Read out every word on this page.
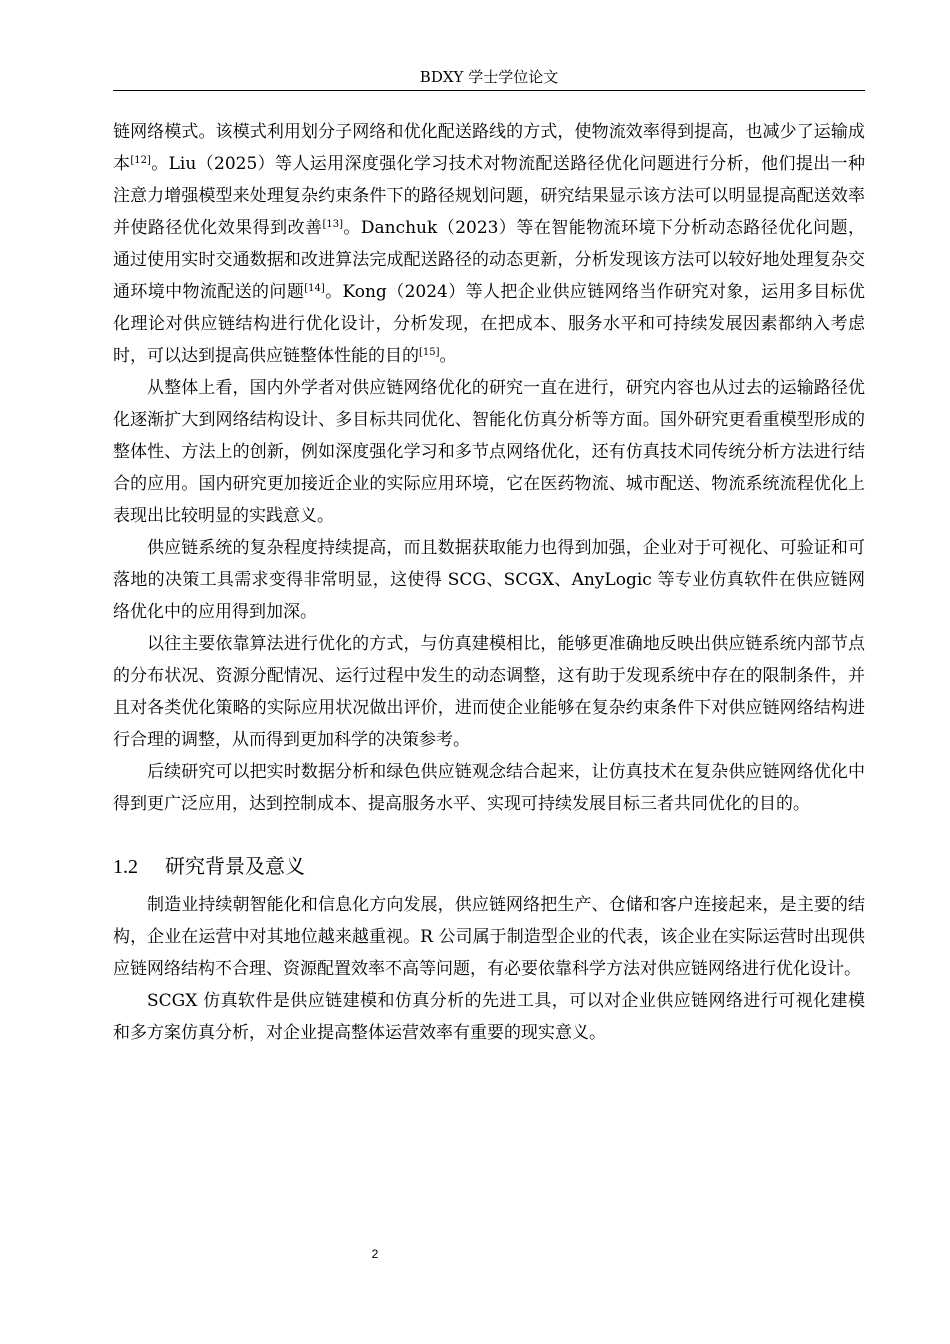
BDXY 学士学位论文

链网络模式。该模式利用划分子网络和优化配送路线的方式，使物流效率得到提高，也减少了运输成本[12]。Liu（2025）等人运用深度强化学习技术对物流配送路径优化问题进行分析，他们提出一种注意力增强模型来处理复杂约束条件下的路径规划问题，研究结果显示该方法可以明显提高配送效率并使路径优化效果得到改善[13]。Danchuk（2023）等在智能物流环境下分析动态路径优化问题，通过使用实时交通数据和改进算法完成配送路径的动态更新，分析发现该方法可以较好地处理复杂交通环境中物流配送的问题[14]。Kong（2024）等人把企业供应链网络当作研究对象，运用多目标优化理论对供应链结构进行优化设计，分析发现，在把成本、服务水平和可持续发展因素都纳入考虑时，可以达到提高供应链整体性能的目的[15]。

从整体上看，国内外学者对供应链网络优化的研究一直在进行，研究内容也从过去的运输路径优化逐渐扩大到网络结构设计、多目标共同优化、智能化仿真分析等方面。国外研究更看重模型形成的整体性、方法上的创新，例如深度强化学习和多节点网络优化，还有仿真技术同传统分析方法进行结合的应用。国内研究更加接近企业的实际应用环境，它在医药物流、城市配送、物流系统流程优化上表现出比较明显的实践意义。

供应链系统的复杂程度持续提高，而且数据获取能力也得到加强，企业对于可视化、可验证和可落地的决策工具需求变得非常明显，这使得 SCG、SCGX、AnyLogic 等专业仿真软件在供应链网络优化中的应用得到加深。

以往主要依靠算法进行优化的方式，与仿真建模相比，能够更准确地反映出供应链系统内部节点的分布状况、资源分配情况、运行过程中发生的动态调整，这有助于发现系统中存在的限制条件，并且对各类优化策略的实际应用状况做出评价，进而使企业能够在复杂约束条件下对供应链网络结构进行合理的调整，从而得到更加科学的决策参考。

后续研究可以把实时数据分析和绿色供应链观念结合起来，让仿真技术在复杂供应链网络优化中得到更广泛应用，达到控制成本、提高服务水平、实现可持续发展目标三者共同优化的目的。

1.2 研究背景及意义

制造业持续朝智能化和信息化方向发展，供应链网络把生产、仓储和客户连接起来，是主要的结构，企业在运营中对其地位越来越重视。R 公司属于制造型企业的代表，该企业在实际运营时出现供应链网络结构不合理、资源配置效率不高等问题，有必要依靠科学方法对供应链网络进行优化设计。

SCGX 仿真软件是供应链建模和仿真分析的先进工具，可以对企业供应链网络进行可视化建模和多方案仿真分析，对企业提高整体运营效率有重要的现实意义。

2
